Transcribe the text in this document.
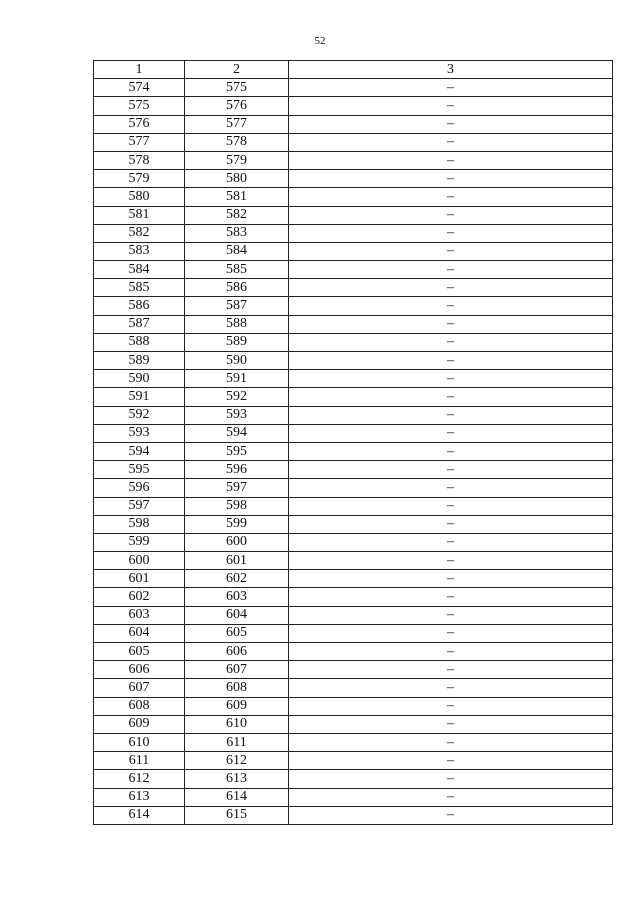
52
1	2	3
574	575	–
575	576	–
576	577	–
577	578	–
578	579	–
579	580	–
580	581	–
581	582	–
582	583	–
583	584	–
584	585	–
585	586	–
586	587	–
587	588	–
588	589	–
589	590	–
590	591	–
591	592	–
592	593	–
593	594	–
594	595	–
595	596	–
596	597	–
597	598	–
598	599	–
599	600	–
600	601	–
601	602	–
602	603	–
603	604	–
604	605	–
605	606	–
606	607	–
607	608	–
608	609	–
609	610	–
610	611	–
611	612	–
612	613	–
613	614	–
614	615	–
